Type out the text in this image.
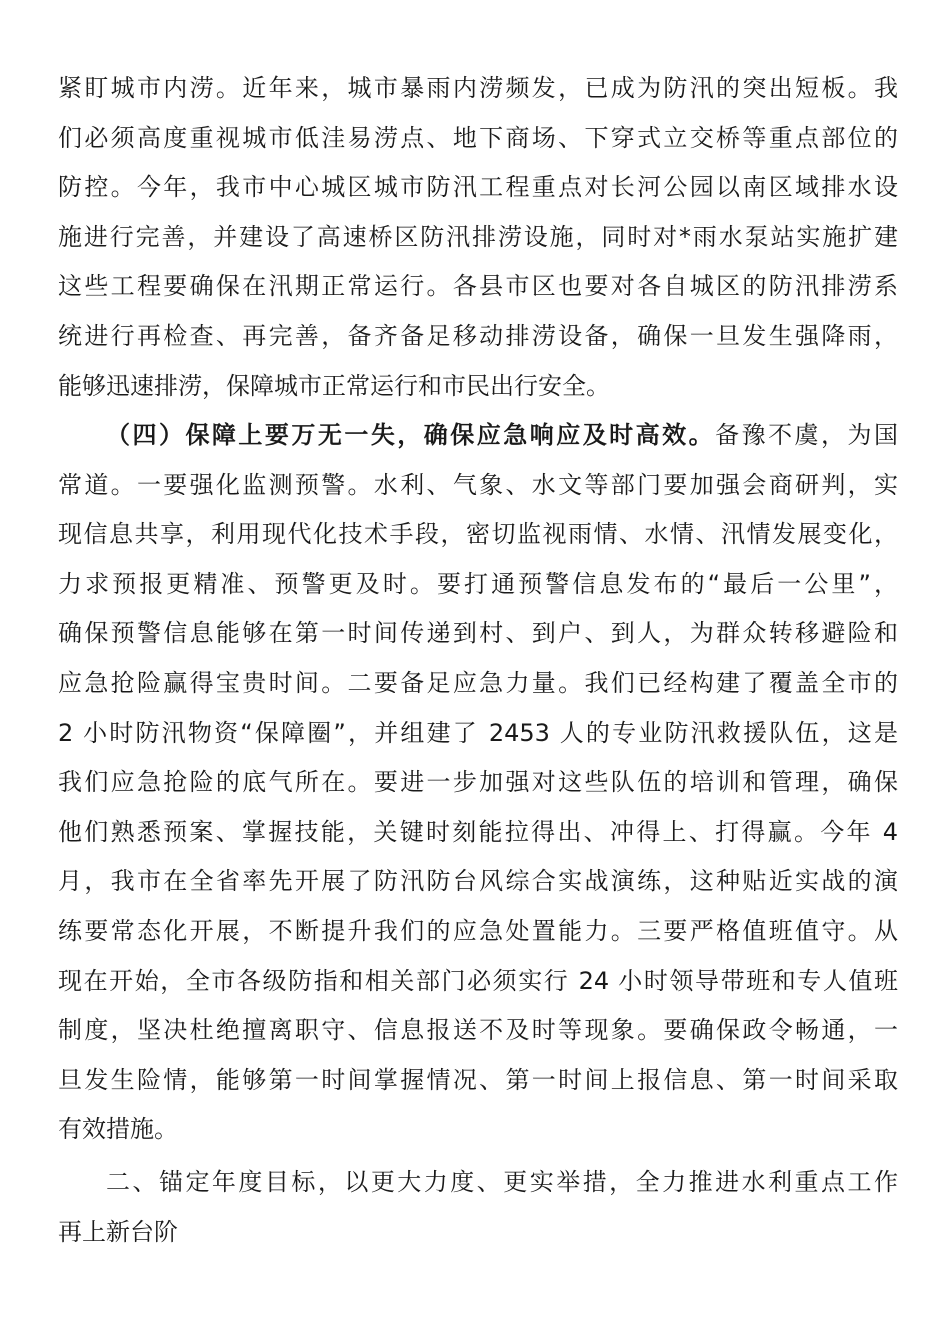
紧盯城市内涝。近年来，城市暴雨内涝频发，已成为防汛的突出短板。我
们必须高度重视城市低洼易涝点、地下商场、下穿式立交桥等重点部位的
防控。今年，我市中心城区城市防汛工程重点对长河公园以南区域排水设
施进行完善，并建设了高速桥区防汛排涝设施，同时对*雨水泵站实施扩建
这些工程要确保在汛期正常运行。各县市区也要对各自城区的防汛排涝系
统进行再检查、再完善，备齐备足移动排涝设备，确保一旦发生强降雨，
能够迅速排涝，保障城市正常运行和市民出行安全。
（四）保障上要万无一失，确保应急响应及时高效。备豫不虞，为国
常道。一要强化监测预警。水利、气象、水文等部门要加强会商研判，实
现信息共享，利用现代化技术手段，密切监视雨情、水情、汛情发展变化，
力求预报更精准、预警更及时。要打通预警信息发布的“最后一公里”，
确保预警信息能够在第一时间传递到村、到户、到人，为群众转移避险和
应急抢险赢得宝贵时间。二要备足应急力量。我们已经构建了覆盖全市的
2 小时防汛物资“保障圈”，并组建了 2453 人的专业防汛救援队伍，这是
我们应急抢险的底气所在。要进一步加强对这些队伍的培训和管理，确保
他们熟悉预案、掌握技能，关键时刻能拉得出、冲得上、打得赢。今年 4
月，我市在全省率先开展了防汛防台风综合实战演练，这种贴近实战的演
练要常态化开展，不断提升我们的应急处置能力。三要严格值班值守。从
现在开始，全市各级防指和相关部门必须实行 24 小时领导带班和专人值班
制度，坚决杜绝擅离职守、信息报送不及时等现象。要确保政令畅通，一
旦发生险情，能够第一时间掌握情况、第一时间上报信息、第一时间采取
有效措施。
二、锚定年度目标，以更大力度、更实举措，全力推进水利重点工作
再上新台阶
